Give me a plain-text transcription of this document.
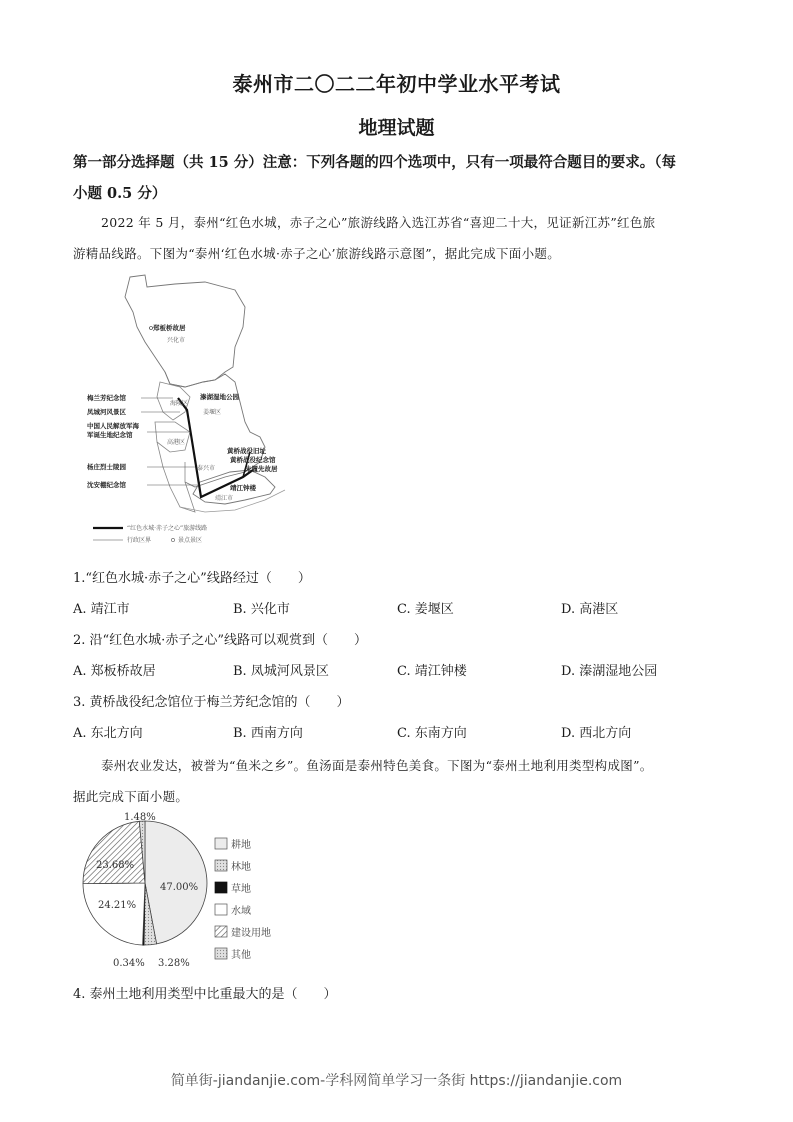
泰州市二〇二二年初中学业水平考试
地理试题
第一部分选择题（共 15 分）注意：下列各题的四个选项中，只有一项最符合题目的要求。（每
小题 0.5 分）
2022 年 5 月，泰州“红色水城，赤子之心”旅游线路入选江苏省“喜迎二十大，见证新江苏”红色旅
游精品线路。下图为“泰州‘红色水城·赤子之心’旅游线路示意图”，据此完成下面小题。
郑板桥故居
兴化市
梅兰芳纪念馆
凤城河风景区
中国人民解放军海
军诞生地纪念馆
杨庄烈士陵园
沈安棚纪念馆
海陵区
高港区
泰兴市
溱湖湿地公园
姜堰区
黄桥战役旧址
黄桥战役纪念馆
朱履先故居
靖江钟楼
靖江市
“红色水城·赤子之心”旅游线路
行政区界	景点景区
1.“红色水城·赤子之心”线路经过（　　）
A. 靖江市	B. 兴化市	C. 姜堰区	D. 高港区
2. 沿“红色水城·赤子之心”线路可以观赏到（　　）
A. 郑板桥故居	B. 凤城河风景区	C. 靖江钟楼	D. 溱湖湿地公园
3. 黄桥战役纪念馆位于梅兰芳纪念馆的（　　）
A. 东北方向	B. 西南方向	C. 东南方向	D. 西北方向
泰州农业发达，被誉为“鱼米之乡”。鱼汤面是泰州特色美食。下图为“泰州土地利用类型构成图”。
据此完成下面小题。
47.00%
3.28%
0.34%
24.21%
23.68%
1.48%
耕地
林地
草地
水域
建设用地
其他
4. 泰州土地利用类型中比重最大的是（　　）
简单街-jiandanjie.com-学科网简单学习一条街 https://jiandanjie.com
